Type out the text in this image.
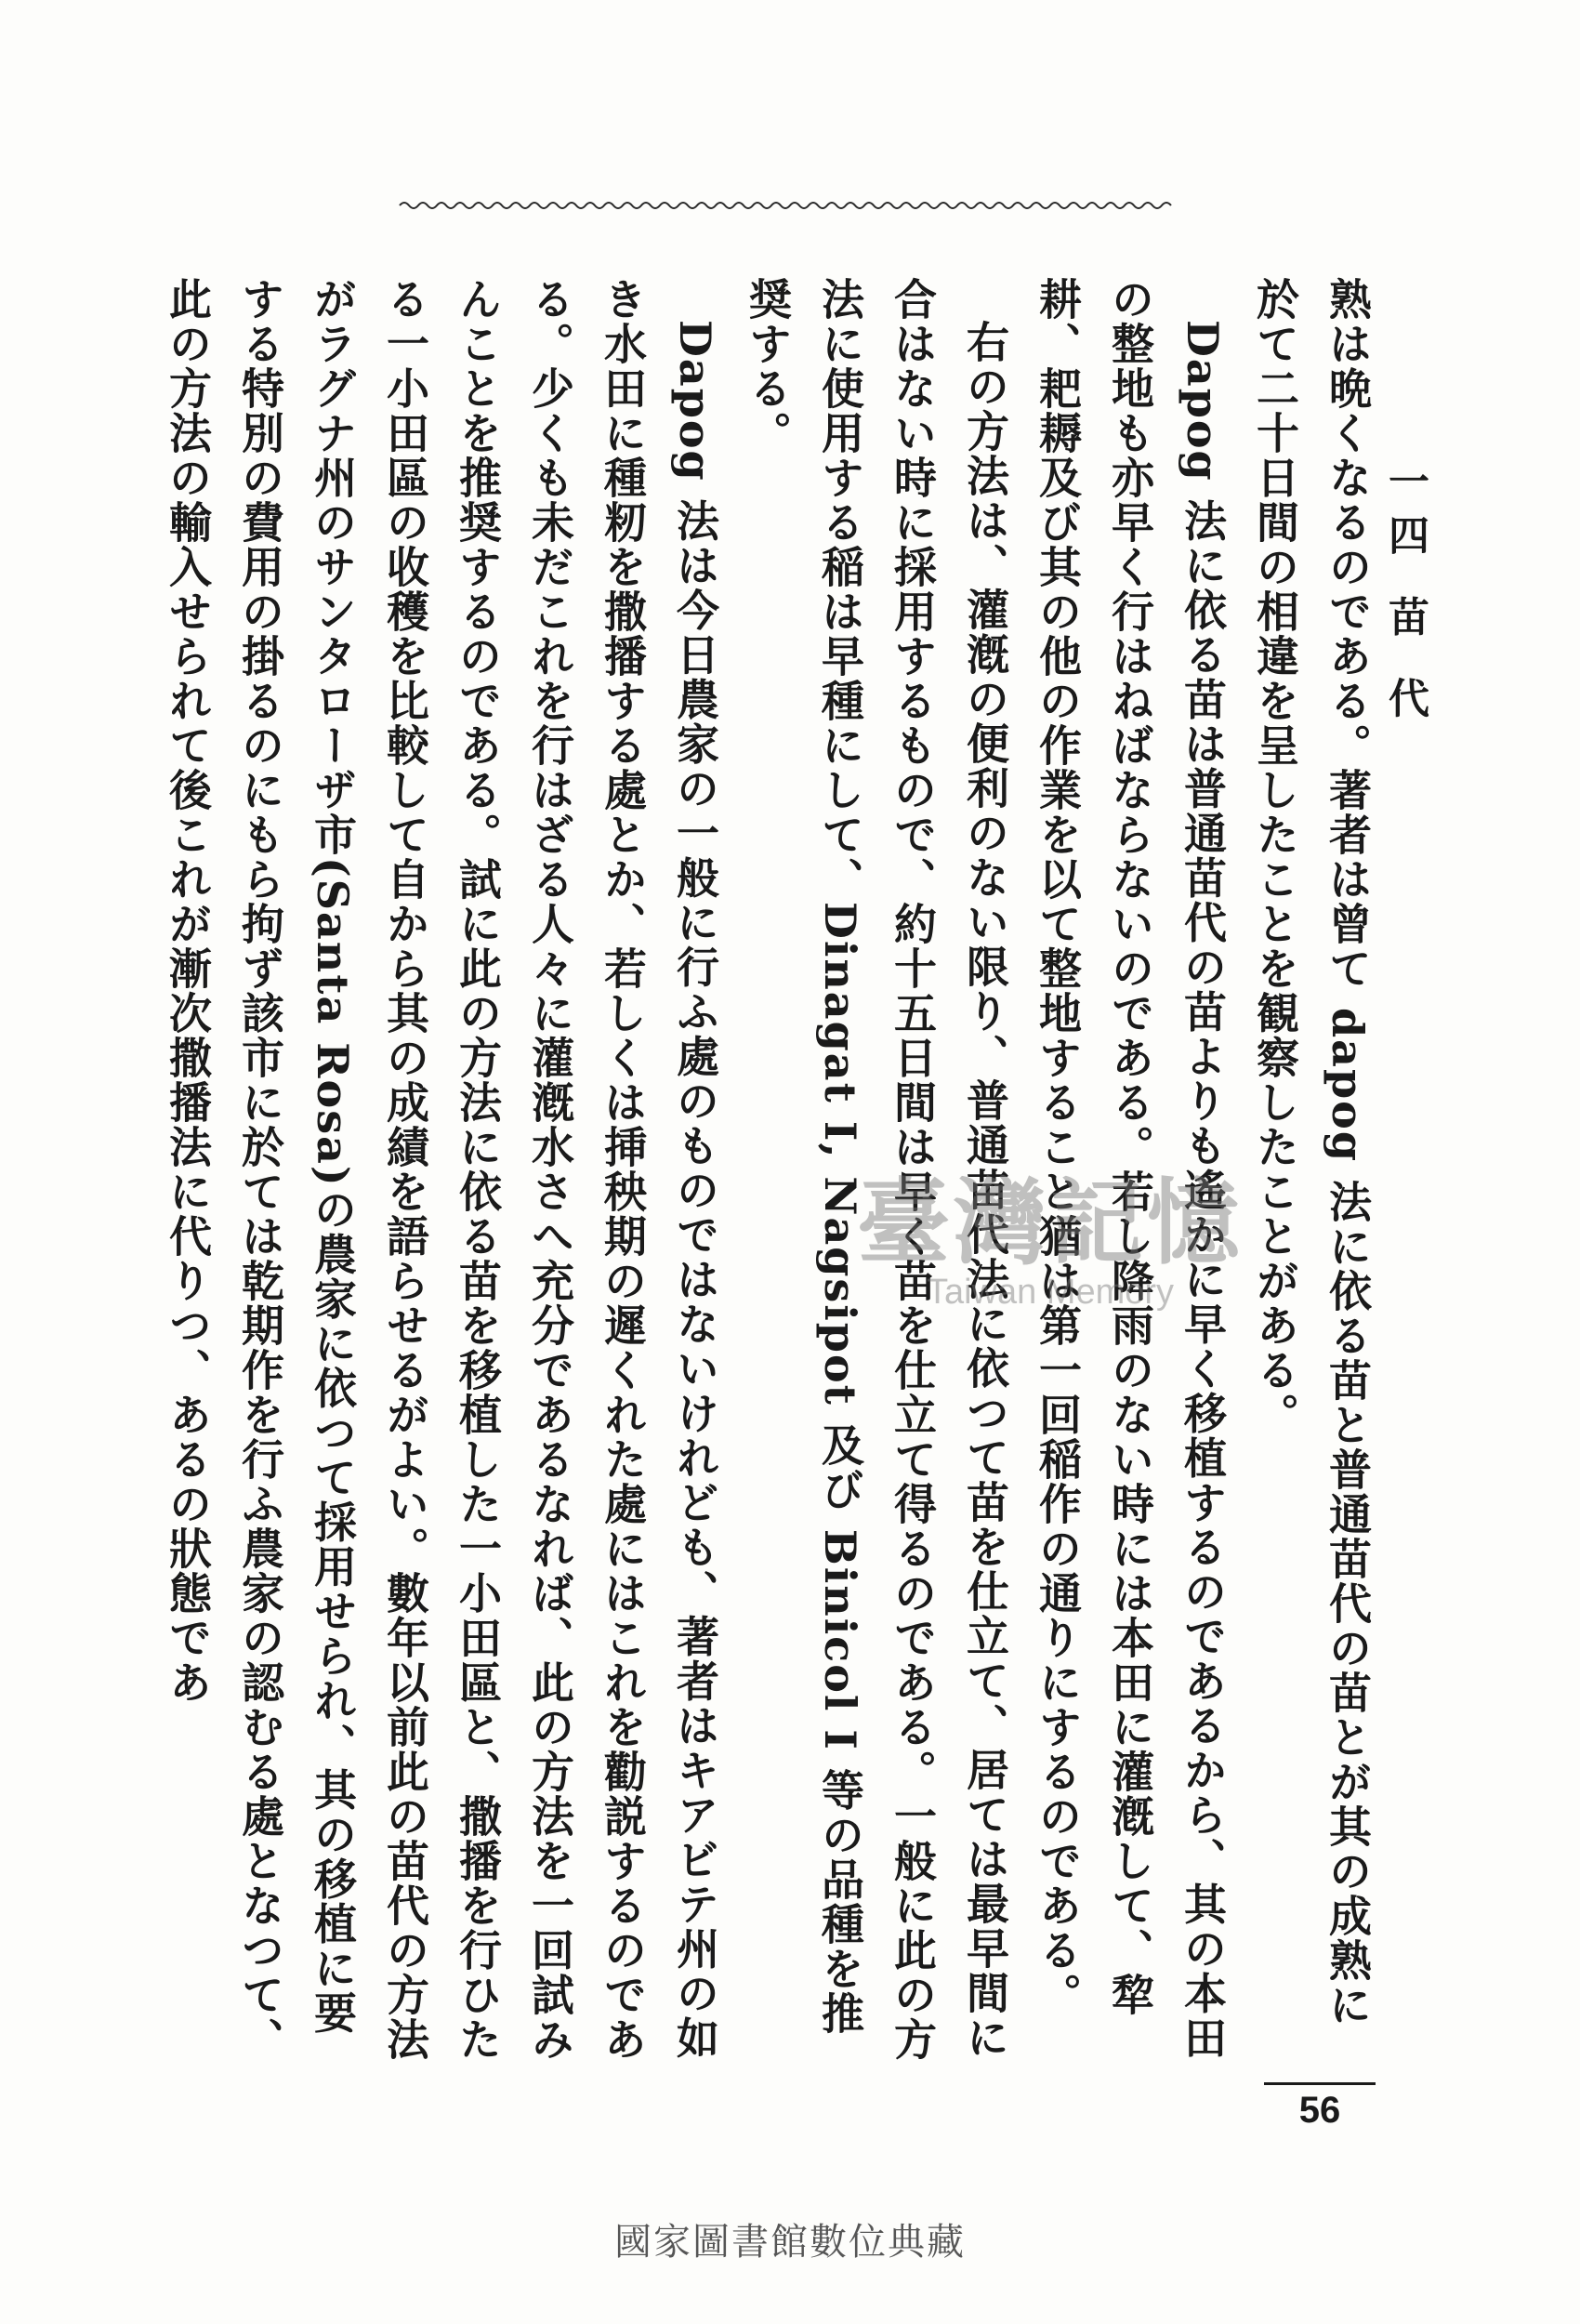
一四 苗 代

熟は晩くなるのである。著者は曾て dapog 法に依る苗と普通苗代の苗とが其の成熟に於て二十日間の相違を呈したことを観察したことがある。

Dapog 法に依る苗は普通苗代の苗よりも遙かに早く移植するのであるから、其の本田の整地も亦早く行はねばならないのである。若し降雨のない時には本田に灌漑して、犂耕、耙耨及び其の他の作業を以て整地すること猶は第一回稲作の通りにするのである。

右の方法は、灌漑の便利のない限り、普通苗代法に依つて苗を仕立て、居ては最早間に合はない時に採用するもので、約十五日間は早く苗を仕立て得るのである。一般に此の方法に使用する稲は早種にして、Dinagat I, Nagsipot 及び Binicol I 等の品種を推奨する。

Dapog 法は今日農家の一般に行ふ處のものではないけれども、著者はキアビテ州の如き水田に種籾を撒播する處とか、若しくは挿秧期の遲くれた處にはこれを勸説するのである。少くも未だこれを行はざる人々に灌漑水さへ充分であるなれば、此の方法を一回試みんことを推奨するのである。試に此の方法に依る苗を移植した一小田區と、撒播を行ひたる一小田區の收穫を比較して自から其の成績を語らせるがよい。數年以前此の苗代の方法がラグナ州のサンタローザ市(Santa Rosa)の農家に依つて採用せられ、其の移植に要する特別の費用の掛るのにもら拘ず該市に於ては乾期作を行ふ農家の認むる處となつて、此の方法の輸入せられて後これが漸次撒播法に代りつ、あるの狀態であ	臺灣記憶
Taiwan Memory
56
國家圖書館數位典藏
